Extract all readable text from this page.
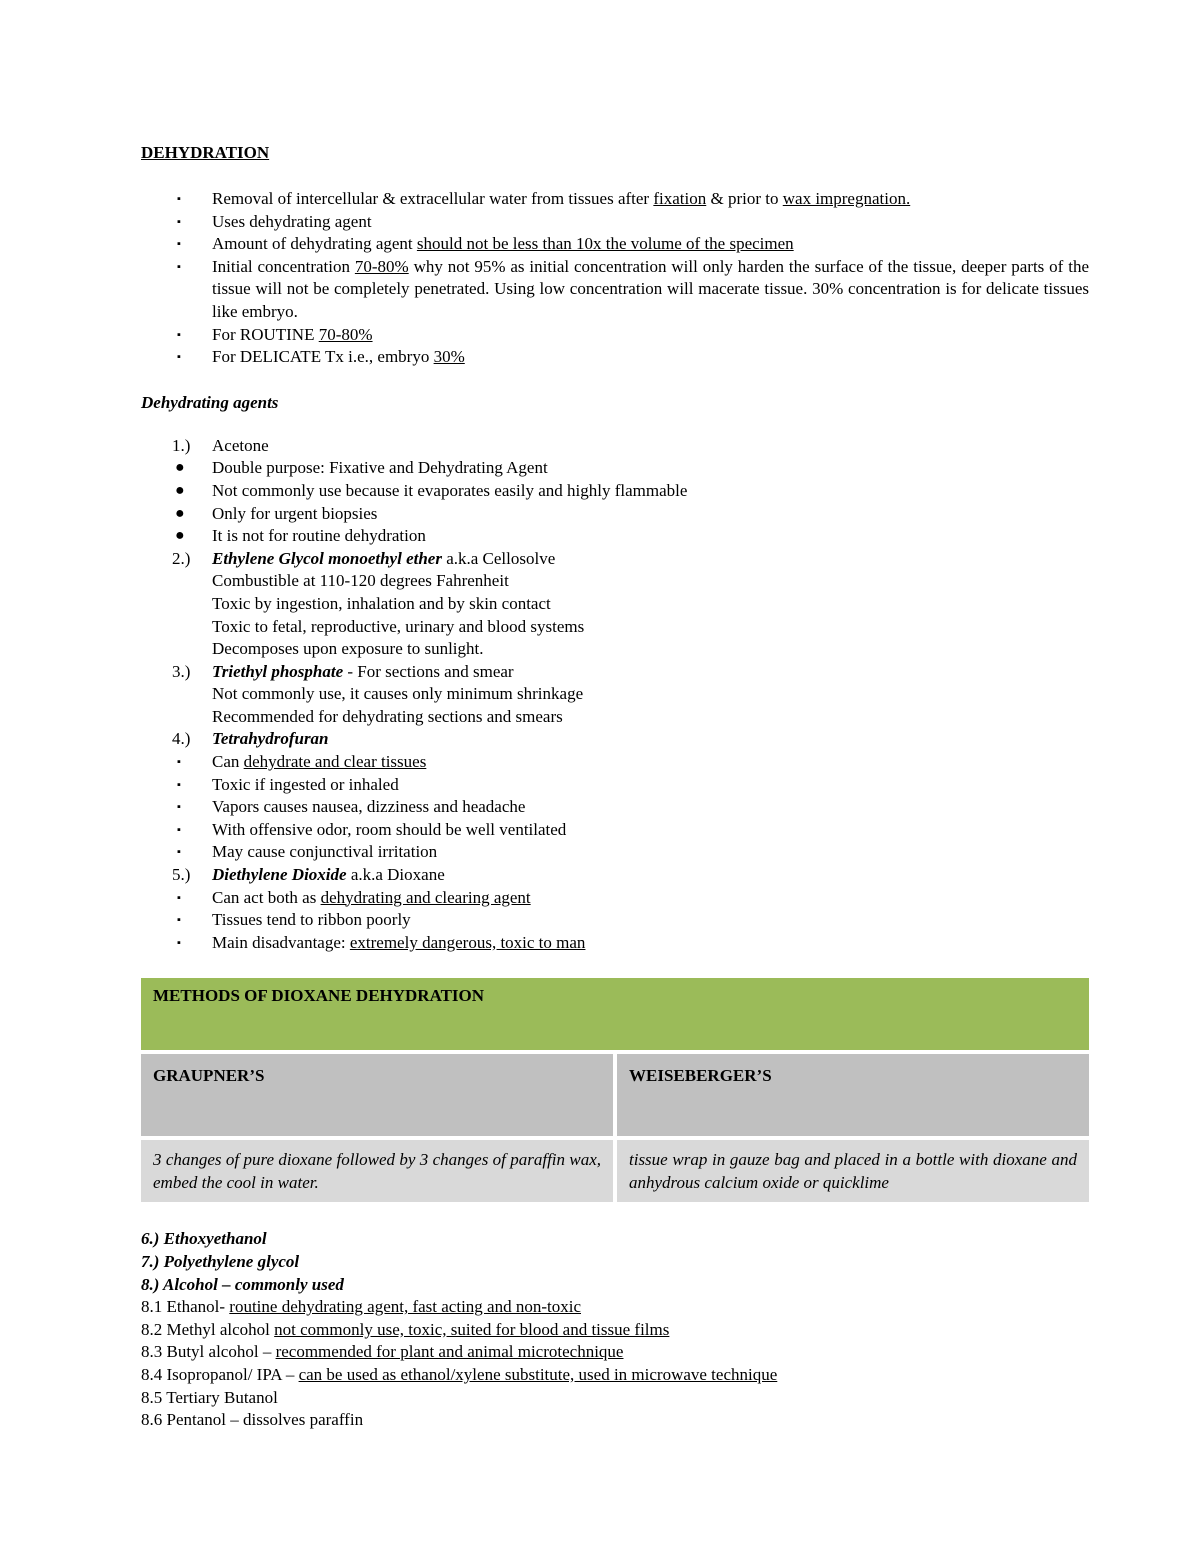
DEHYDRATION

▪	Removal of intercellular & extracellular water from tissues after fixation & prior to wax impregnation.
▪	Uses dehydrating agent
▪	Amount of dehydrating agent should not be less than 10x the volume of the specimen
▪	Initial concentration 70-80% why not 95% as initial concentration will only harden the surface of the tissue, deeper parts of the tissue will not be completely penetrated. Using low concentration will macerate tissue. 30% concentration is for delicate tissues like embryo.
▪	For ROUTINE 70-80%
▪	For DELICATE Tx i.e., embryo 30%

Dehydrating agents

1.)	Acetone
●	Double purpose: Fixative and Dehydrating Agent
●	Not commonly use because it evaporates easily and highly flammable
●	Only for urgent biopsies
●	It is not for routine dehydration
2.)	Ethylene Glycol monoethyl ether a.k.a Cellosolve
Combustible at 110-120 degrees Fahrenheit
Toxic by ingestion, inhalation and by skin contact
Toxic to fetal, reproductive, urinary and blood systems
Decomposes upon exposure to sunlight.
3.)	Triethyl phosphate - For sections and smear
Not commonly use, it causes only minimum shrinkage
Recommended for dehydrating sections and smears
4.)	Tetrahydrofuran
▪	Can dehydrate and clear tissues
▪	Toxic if ingested or inhaled
▪	Vapors causes nausea, dizziness and headache
▪	With offensive odor, room should be well ventilated
▪	May cause conjunctival irritation
5.)	Diethylene Dioxide a.k.a Dioxane
▪	Can act both as dehydrating and clearing agent
▪	Tissues tend to ribbon poorly
▪	Main disadvantage: extremely dangerous, toxic to man
METHODS OF DIOXANE DEHYDRATION	
GRAUPNER’S	WEISEBERGER’S
3 changes of pure dioxane followed by 3 changes of paraffin wax, embed the cool in water.	tissue wrap in gauze bag and placed in a bottle with dioxane and anhydrous calcium oxide or quicklime

6.) Ethoxyethanol

7.) Polyethylene glycol

8.) Alcohol – commonly used

8.1 Ethanol- routine dehydrating agent, fast acting and non-toxic

8.2 Methyl alcohol not commonly use, toxic, suited for blood and tissue films

8.3 Butyl alcohol – recommended for plant and animal microtechnique

8.4 Isopropanol/ IPA – can be used as ethanol/xylene substitute, used in microwave technique

8.5 Tertiary Butanol

8.6 Pentanol – dissolves paraffin
